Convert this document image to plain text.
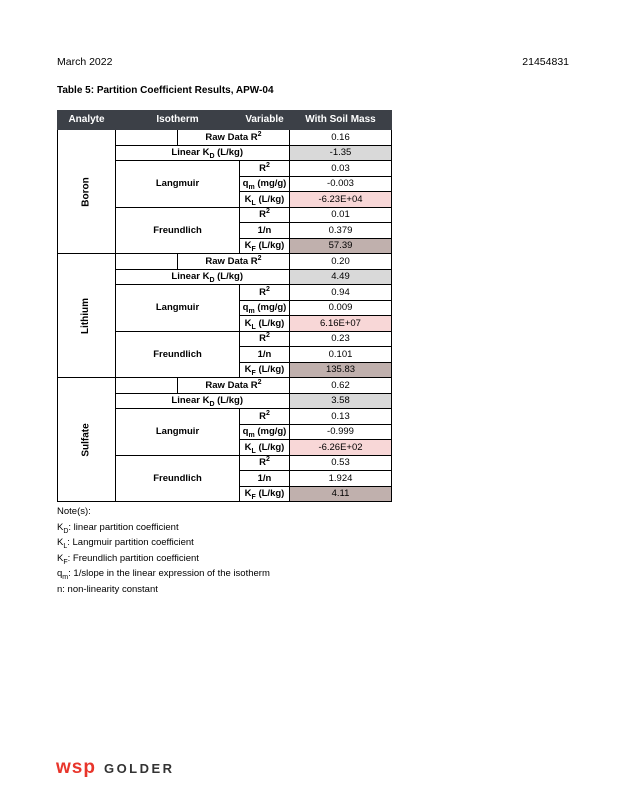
March 2022	21454831
Table 5: Partition Coefficient Results, APW-04
Analyte	Isotherm		Variable	With Soil Mass
Boron		Raw Data $R^2$		0.16
	Linear $K_D$ (L/kg)			-1.35
	Langmuir		$R^2$	0.03
			$q_m$ (mg/g)	-0.003
			$K_L$ (L/kg)	-6.23E+04
	Freundlich		$R^2$	0.01
			1/n	0.379
			$K_F$ (L/kg)	57.39
Lithium		Raw Data $R^2$		0.20
	Linear $K_D$ (L/kg)			4.49
	Langmuir		$R^2$	0.94
			$q_m$ (mg/g)	0.009
			$K_L$ (L/kg)	6.16E+07
	Freundlich		$R^2$	0.23
			1/n	0.101
			$K_F$ (L/kg)	135.83
Sulfate		Raw Data $R^2$		0.62
	Linear $K_D$ (L/kg)			3.58
	Langmuir		$R^2$	0.13
			$q_m$ (mg/g)	-0.999
			$K_L$ (L/kg)	-6.26E+02
	Freundlich		$R^2$	0.53
			1/n	1.924
			$K_F$ (L/kg)	4.11
Note(s):
$K_D$: linear partition coefficient
$K_L$: Langmuir partition coefficient
$K_F$: Freundlich partition coefficient
$q_m$: 1/slope in the linear expression of the isotherm
n: non-linearity constant
wsp GOLDER
